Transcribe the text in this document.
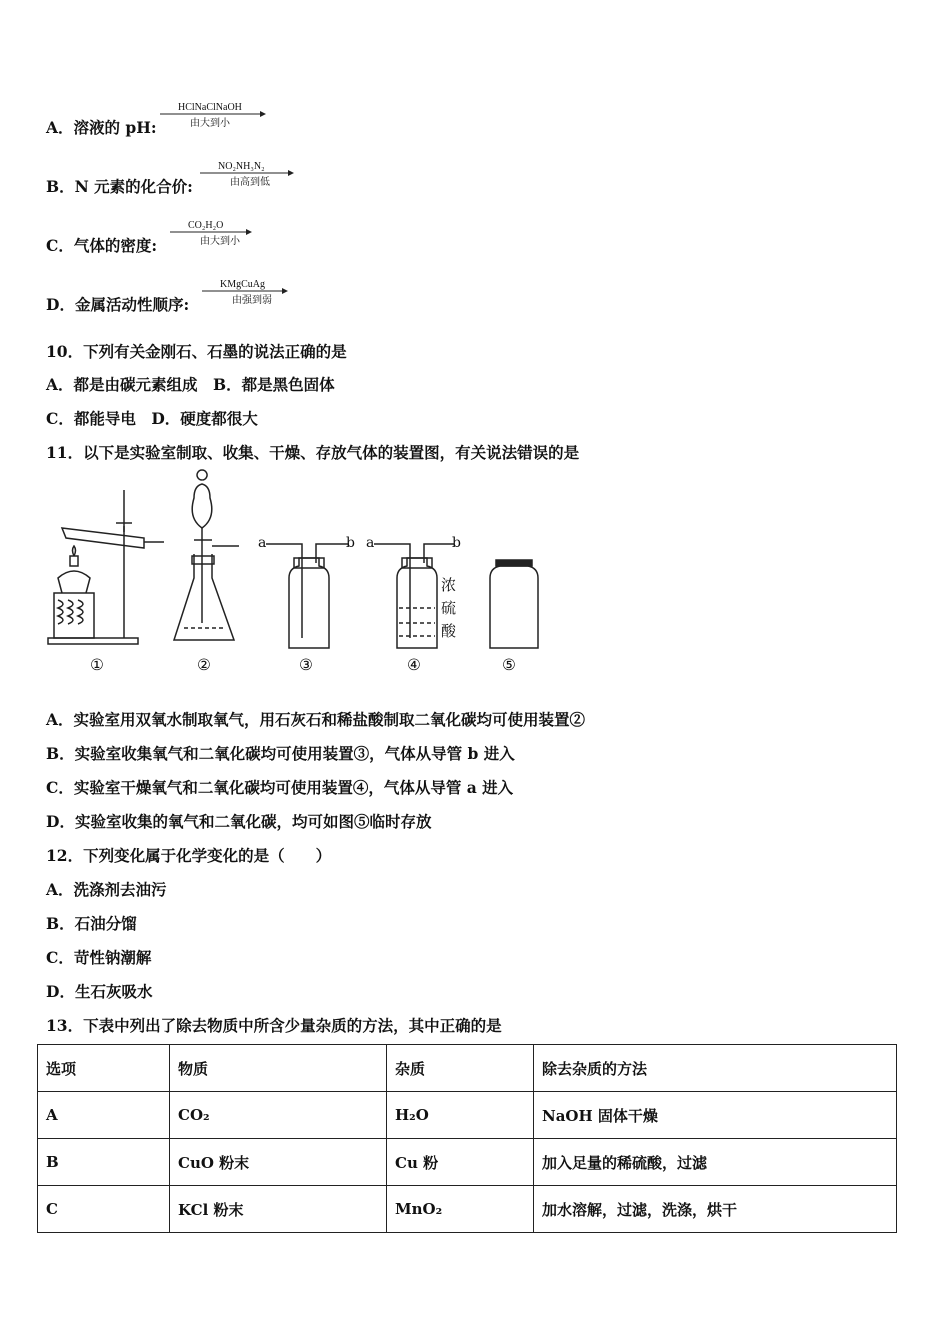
A．溶液的 pH:
HClNaClNaOH
由大到小
B．N 元素的化合价:
NO₂NH₃N₂
由高到低
C．气体的密度:
CO₂H₂O
由大到小
D．金属活动性顺序:
KMgCuAg
由强到弱
10．下列有关金刚石、石墨的说法正确的是
A．都是由碳元素组成　B．都是黑色固体
C．都能导电　D．硬度都很大
11．以下是实验室制取、收集、干燥、存放气体的装置图，有关说法错误的是
a	b a	b
浓
硫
酸
①	②	③	④	⑤
A．实验室用双氧水制取氧气，用石灰石和稀盐酸制取二氧化碳均可使用装置②
B．实验室收集氧气和二氧化碳均可使用装置③，气体从导管 b 进入
C．实验室干燥氧气和二氧化碳均可使用装置④，气体从导管 a 进入
D．实验室收集的氧气和二氧化碳，均可如图⑤临时存放
12．下列变化属于化学变化的是（　　）
A．洗涤剂去油污
B．石油分馏
C．苛性钠潮解
D．生石灰吸水
13．下表中列出了除去物质中所含少量杂质的方法，其中正确的是
选项	物质	杂质	除去杂质的方法
A	CO₂	H₂O	NaOH 固体干燥
B	CuO 粉末	Cu 粉	加入足量的稀硫酸，过滤
C	KCl 粉末	MnO₂	加水溶解，过滤，洗涤，烘干
